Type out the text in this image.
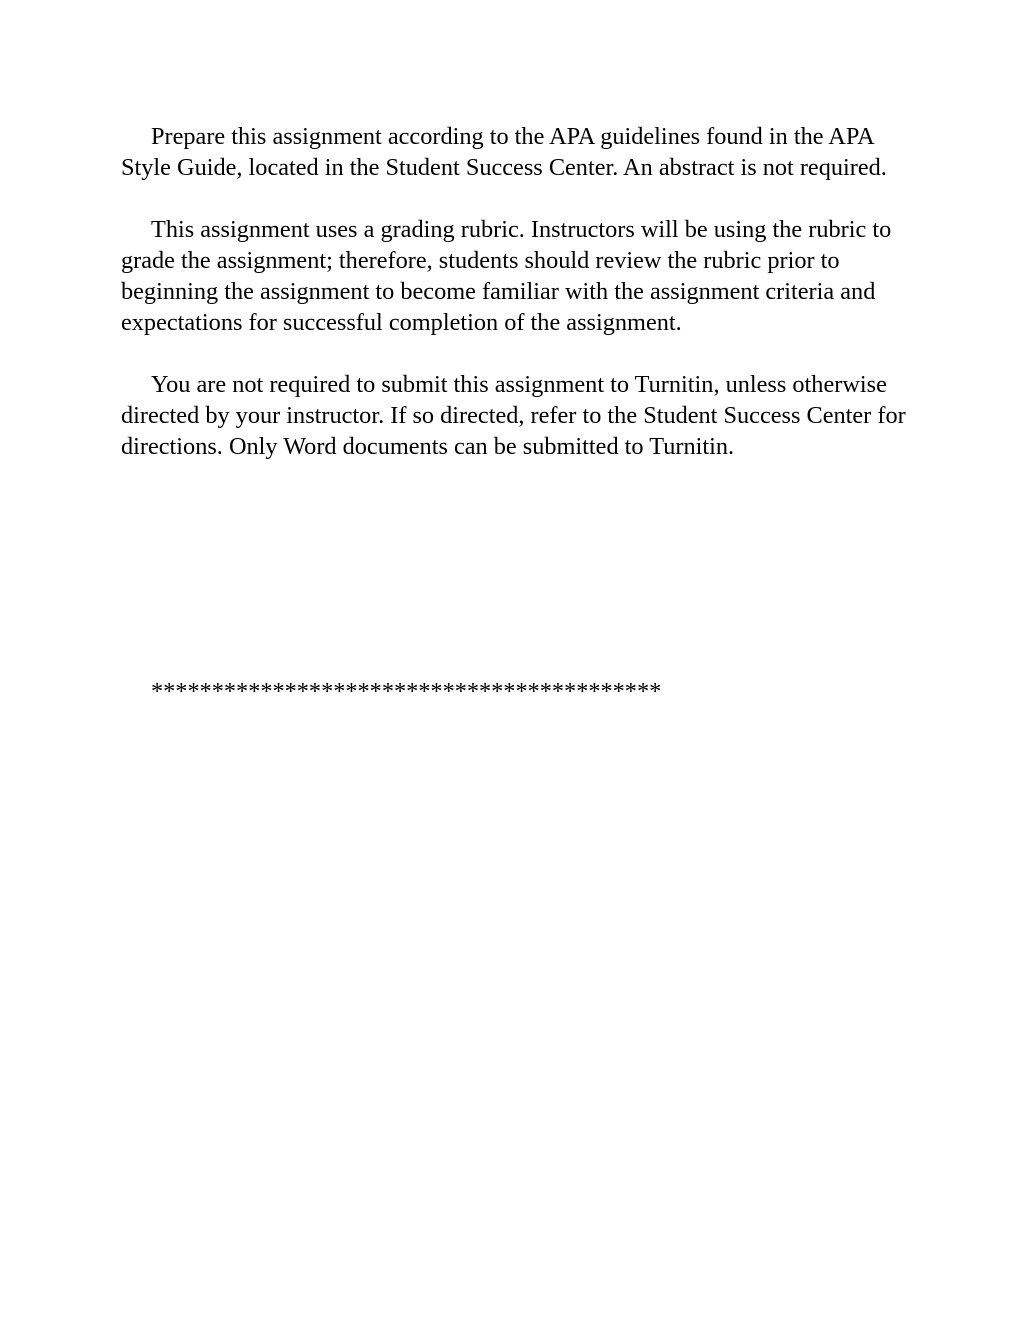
Prepare this assignment according to the APA guidelines found in the APA Style Guide, located in the Student Success Center. An abstract is not required.

This assignment uses a grading rubric. Instructors will be using the rubric to grade the assignment; therefore, students should review the rubric prior to beginning the assignment to become familiar with the assignment criteria and expectations for successful completion of the assignment.

You are not required to submit this assignment to Turnitin, unless otherwise directed by your instructor. If so directed, refer to the Student Success Center for directions. Only Word documents can be submitted to Turnitin.

******************************************
